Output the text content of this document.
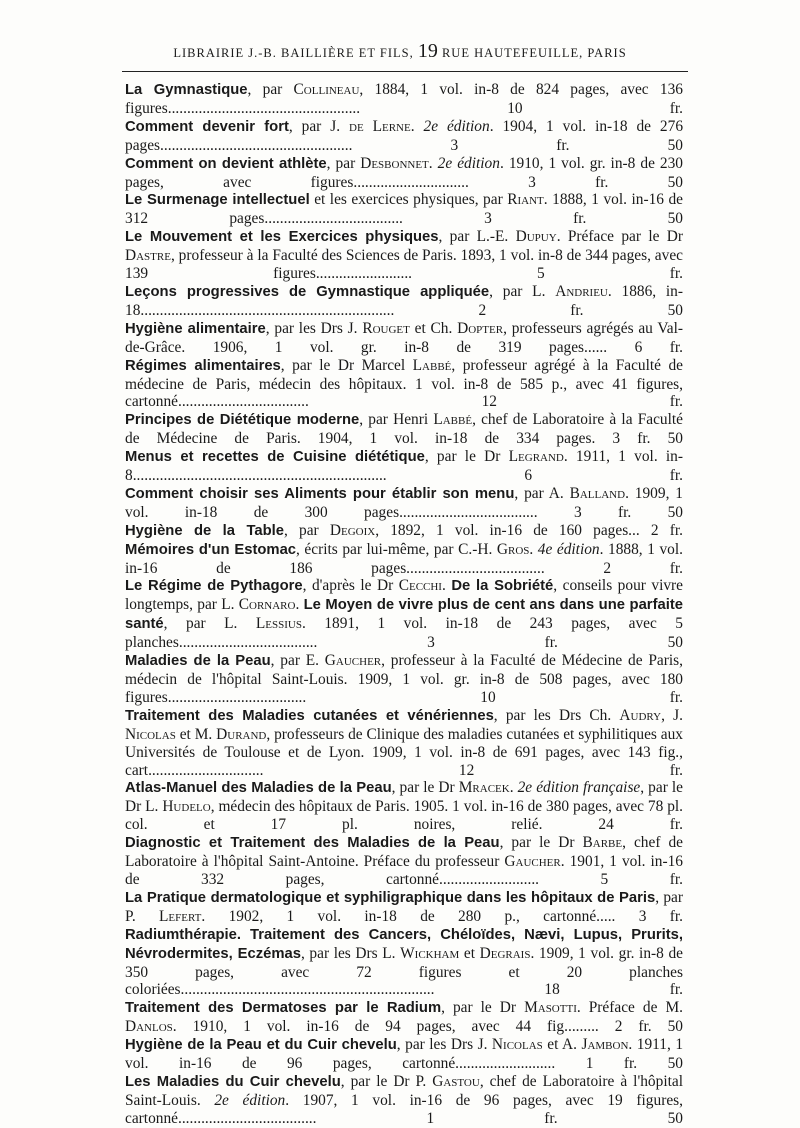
LIBRAIRIE J.-B. BAILLIÈRE ET FILS, 19 RUE HAUTEFEUILLE, PARIS
La Gymnastique, par Collineau, 1884, 1 vol. in-8 de 824 pages, avec 136 figures.................................................. 10 fr.
Comment devenir fort, par J. de Lerne. 2e édition. 1904, 1 vol. in-18 de 276 pages.................................................. 3 fr. 50
Comment on devient athlète, par Desbonnet. 2e édition. 1910, 1 vol. gr. in-8 de 230 pages, avec figures.............................. 3 fr. 50
Le Surmenage intellectuel et les exercices physiques, par Riant. 1888, 1 vol. in-16 de 312 pages.................................... 3 fr. 50
Le Mouvement et les Exercices physiques, par L.-E. Dupuy. Préface par le Dr Dastre, professeur à la Faculté des Sciences de Paris. 1893, 1 vol. in-8 de 344 pages, avec 139 figures......................... 5 fr.
Leçons progressives de Gymnastique appliquée, par L. Andrieu. 1886, in-18.................................................................. 2 fr. 50
Hygiène alimentaire, par les Drs J. Rouget et Ch. Dopter, professeurs agrégés au Val-de-Grâce. 1906, 1 vol. gr. in-8 de 319 pages...... 6 fr.
Régimes alimentaires, par le Dr Marcel Labbé, professeur agrégé à la Faculté de médecine de Paris, médecin des hôpitaux. 1 vol. in-8 de 585 p., avec 41 figures, cartonné.................................. 12 fr.
Principes de Diététique moderne, par Henri Labbé, chef de Laboratoire à la Faculté de Médecine de Paris. 1904, 1 vol. in-18 de 334 pages. 3 fr. 50
Menus et recettes de Cuisine diététique, par le Dr Legrand. 1911, 1 vol. in-8.................................................................. 6 fr.
Comment choisir ses Aliments pour établir son menu, par A. Balland. 1909, 1 vol. in-18 de 300 pages.................................... 3 fr. 50
Hygiène de la Table, par Degoix, 1892, 1 vol. in-16 de 160 pages... 2 fr.
Mémoires d'un Estomac, écrits par lui-même, par C.-H. Gros. 4e édition. 1888, 1 vol. in-16 de 186 pages.................................... 2 fr.
Le Régime de Pythagore, d'après le Dr Cecchi. De la Sobriété, conseils pour vivre longtemps, par L. Cornaro. Le Moyen de vivre plus de cent ans dans une parfaite santé, par L. Lessius. 1891, 1 vol. in-18 de 243 pages, avec 5 planches.................................... 3 fr. 50
Maladies de la Peau, par E. Gaucher, professeur à la Faculté de Médecine de Paris, médecin de l'hôpital Saint-Louis. 1909, 1 vol. gr. in-8 de 508 pages, avec 180 figures.................................... 10 fr.
Traitement des Maladies cutanées et vénériennes, par les Drs Ch. Audry, J. Nicolas et M. Durand, professeurs de Clinique des maladies cutanées et syphilitiques aux Universités de Toulouse et de Lyon. 1909, 1 vol. in-8 de 691 pages, avec 143 fig., cart.............................. 12 fr.
Atlas-Manuel des Maladies de la Peau, par le Dr Mracek. 2e édition française, par le Dr L. Hudelo, médecin des hôpitaux de Paris. 1905. 1 vol. in-16 de 380 pages, avec 78 pl. col. et 17 pl. noires, relié. 24 fr.
Diagnostic et Traitement des Maladies de la Peau, par le Dr Barbe, chef de Laboratoire à l'hôpital Saint-Antoine. Préface du professeur Gaucher. 1901, 1 vol. in-16 de 332 pages, cartonné.......................... 5 fr.
La Pratique dermatologique et syphiligraphique dans les hôpitaux de Paris, par P. Lefert. 1902, 1 vol. in-18 de 280 p., cartonné..... 3 fr.
Radiumthérapie. Traitement des Cancers, Chéloïdes, Nævi, Lupus, Prurits, Névrodermites, Eczémas, par les Drs L. Wickham et Degrais. 1909, 1 vol. gr. in-8 de 350 pages, avec 72 figures et 20 planches coloriées.................................................................. 18 fr.
Traitement des Dermatoses par le Radium, par le Dr Masotti. Préface de M. Danlos. 1910, 1 vol. in-16 de 94 pages, avec 44 fig......... 2 fr. 50
Hygiène de la Peau et du Cuir chevelu, par les Drs J. Nicolas et A. Jambon. 1911, 1 vol. in-16 de 96 pages, cartonné.......................... 1 fr. 50
Les Maladies du Cuir chevelu, par le Dr P. Gastou, chef de Laboratoire à l'hôpital Saint-Louis. 2e édition. 1907, 1 vol. in-16 de 96 pages, avec 19 figures, cartonné.................................... 1 fr. 50
